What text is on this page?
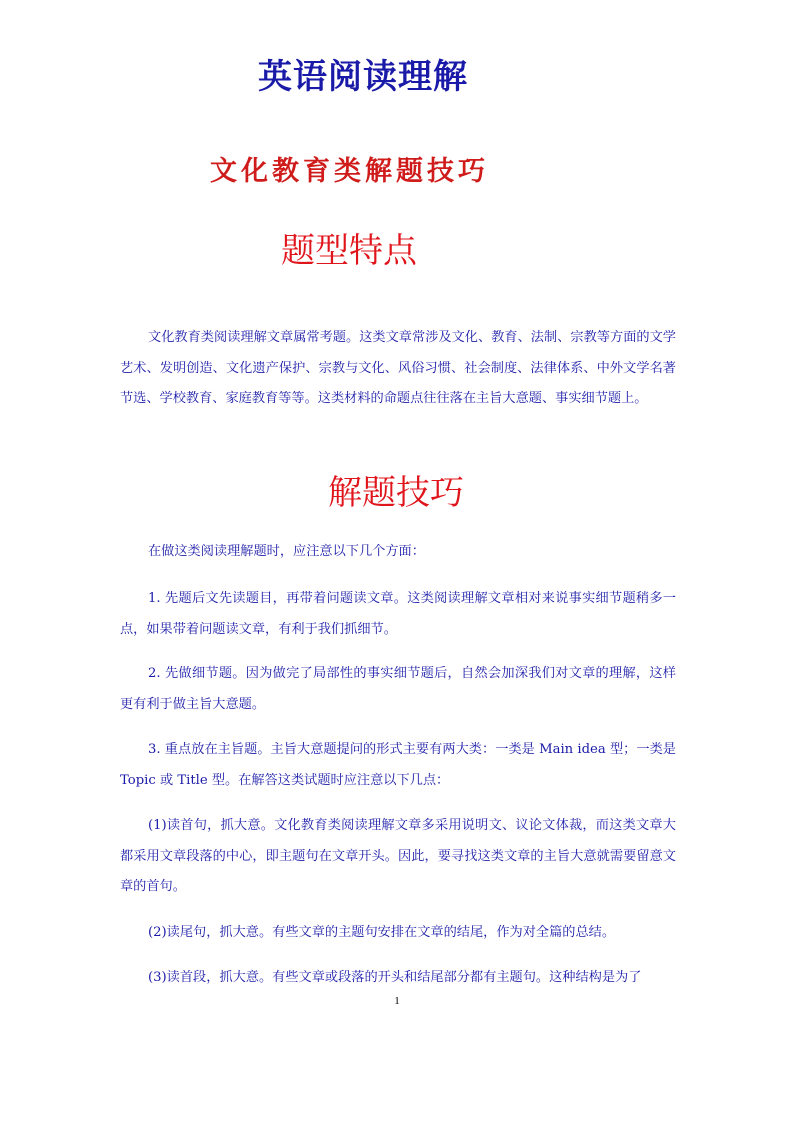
英语阅读理解
文化教育类解题技巧
题型特点

文化教育类阅读理解文章属常考题。这类文章常涉及文化、教育、法制、宗教等方面的文学艺术、发明创造、文化遗产保护、宗教与文化、风俗习惯、社会制度、法律体系、中外文学名著节选、学校教育、家庭教育等等。这类材料的命题点往往落在主旨大意题、事实细节题上。

解题技巧

在做这类阅读理解题时，应注意以下几个方面：

1. 先题后文先读题目，再带着问题读文章。这类阅读理解文章相对来说事实细节题稍多一点，如果带着问题读文章，有利于我们抓细节。

2. 先做细节题。因为做完了局部性的事实细节题后，自然会加深我们对文章的理解，这样更有利于做主旨大意题。

3. 重点放在主旨题。主旨大意题提问的形式主要有两大类：一类是 Main idea 型；一类是 Topic 或 Title 型。在解答这类试题时应注意以下几点：

(1)读首句，抓大意。文化教育类阅读理解文章多采用说明文、议论文体裁，而这类文章大都采用文章段落的中心，即主题句在文章开头。因此，要寻找这类文章的主旨大意就需要留意文章的首句。

(2)读尾句，抓大意。有些文章的主题句安排在文章的结尾，作为对全篇的总结。

(3)读首段，抓大意。有些文章或段落的开头和结尾部分都有主题句。这种结构是为了

1
